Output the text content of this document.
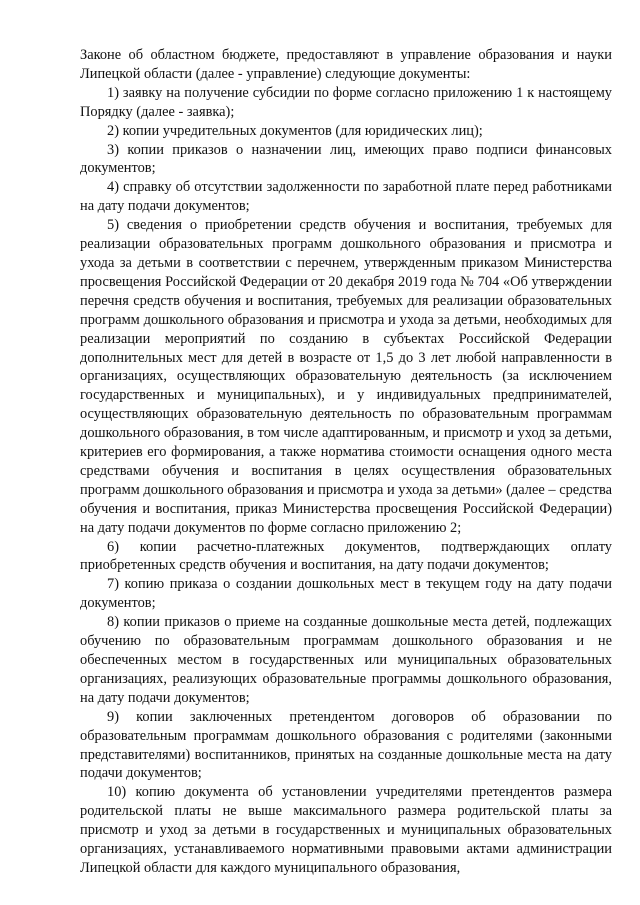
Законе об областном бюджете, предоставляют в управление образования и науки Липецкой области (далее - управление) следующие документы:

1) заявку на получение субсидии по форме согласно приложению 1 к настоящему Порядку (далее - заявка);

2) копии учредительных документов (для юридических лиц);

3) копии приказов о назначении лиц, имеющих право подписи финансовых документов;

4) справку об отсутствии задолженности по заработной плате перед работниками на дату подачи документов;

5) сведения о приобретении средств обучения и воспитания, требуемых для реализации образовательных программ дошкольного образования и присмотра и ухода за детьми в соответствии с перечнем, утвержденным приказом Министерства просвещения Российской Федерации от 20 декабря 2019 года № 704 «Об утверждении перечня средств обучения и воспитания, требуемых для реализации образовательных программ дошкольного образования и присмотра и ухода за детьми, необходимых для реализации мероприятий по созданию в субъектах Российской Федерации дополнительных мест для детей в возрасте от 1,5 до 3 лет любой направленности в организациях, осуществляющих образовательную деятельность (за исключением государственных и муниципальных), и у индивидуальных предпринимателей, осуществляющих образовательную деятельность по образовательным программам дошкольного образования, в том числе адаптированным, и присмотр и уход за детьми, критериев его формирования, а также норматива стоимости оснащения одного места средствами обучения и воспитания в целях осуществления образовательных программ дошкольного образования и присмотра и ухода за детьми» (далее – средства обучения и воспитания, приказ Министерства просвещения Российской Федерации) на дату подачи документов по форме согласно приложению 2;

6) копии расчетно-платежных документов, подтверждающих оплату приобретенных средств обучения и воспитания, на дату подачи документов;

7) копию приказа о создании дошкольных мест в текущем году на дату подачи документов;

8) копии приказов о приеме на созданные дошкольные места детей, подлежащих обучению по образовательным программам дошкольного образования и не обеспеченных местом в государственных или муниципальных образовательных организациях, реализующих образовательные программы дошкольного образования, на дату подачи документов;

9) копии заключенных претендентом договоров об образовании по образовательным программам дошкольного образования с родителями (законными представителями) воспитанников, принятых на созданные дошкольные места на дату подачи документов;

10) копию документа об установлении учредителями претендентов размера родительской платы не выше максимального размера родительской платы за присмотр и уход за детьми в государственных и муниципальных образовательных организациях, устанавливаемого нормативными правовыми актами администрации Липецкой области для каждого муниципального образования,
